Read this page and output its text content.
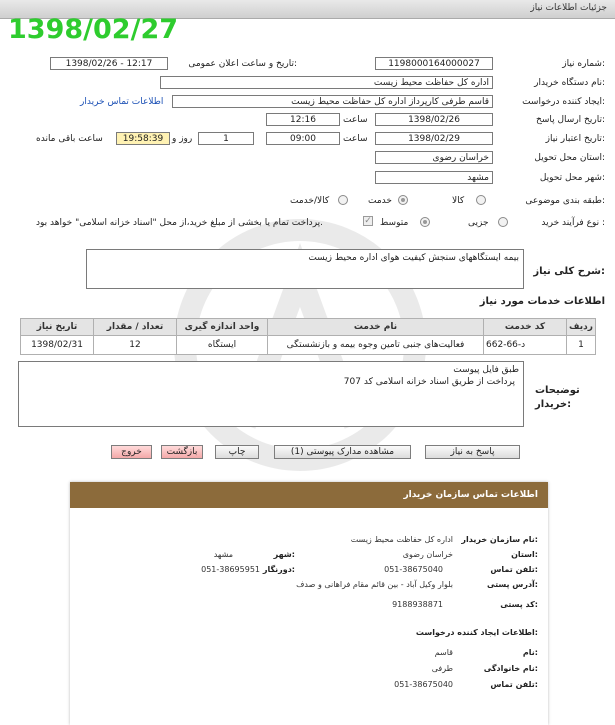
جزئیات اطلاعات نیاز
1398/02/27
شماره نیاز:
1198000164000027
تاریخ و ساعت اعلان عمومی:
1398/02/26 - 12:17
نام دستگاه خریدار:
اداره کل حفاظت محیط زیست
ایجاد کننده درخواست:
قاسم طرفی کارپرداز اداره کل حفاظت محیط زیست
اطلاعات تماس خریدار
تاریخ ارسال پاسخ:
1398/02/26
ساعت
12:16
تاریخ اعتبار نیاز:
1398/02/29
ساعت
09:00
1
روز و
19:58:39
ساعت باقی مانده
استان محل تحویل:
خراسان رضوی
شهر محل تحویل:
مشهد
طبقه بندی موضوعی:
کالا
خدمت
کالا/خدمت
نوع فرآیند خرید :
جزیی
متوسط
✓
پرداخت تمام یا بخشی از مبلغ خرید،از محل "اسناد خزانه اسلامی" خواهد بود.
بیمه ایستگاههای سنجش کیفیت هوای اداره محیط زیست
شرح کلی نیاز:
اطلاعات خدمات مورد نیاز
تاریخ نیاز	تعداد / مقدار	واحد اندازه گیری	نام خدمت	کد خدمت	ردیف
1398/02/31	12	ایستگاه	فعالیت‌های جنبی تامین وجوه بیمه و بازنشستگی	د-66-662	1
طبق فایل پیوست
پرداخت از طریق اسناد خزانه اسلامی کد 707
توضیحات خریدار:
پاسخ به نیاز
مشاهده مدارک پیوستی (1)
چاپ
بازگشت
خروج
اطلاعات تماس سازمان خریدار
نام سازمان خریدار:
اداره کل حفاظت محیط زیست
استان:
خراسان رضوی
شهر:
مشهد
تلفن تماس:
051-38675040
دورنگار:
051-38695951
آدرس پستی:
بلوار وکیل آباد - بین قائم مقام فراهانی و صدف
کد پستی:
9188938871
اطلاعات ایجاد کننده درخواست:
نام:
قاسم
نام خانوادگی:
طرفی
تلفن تماس:
051-38675040
